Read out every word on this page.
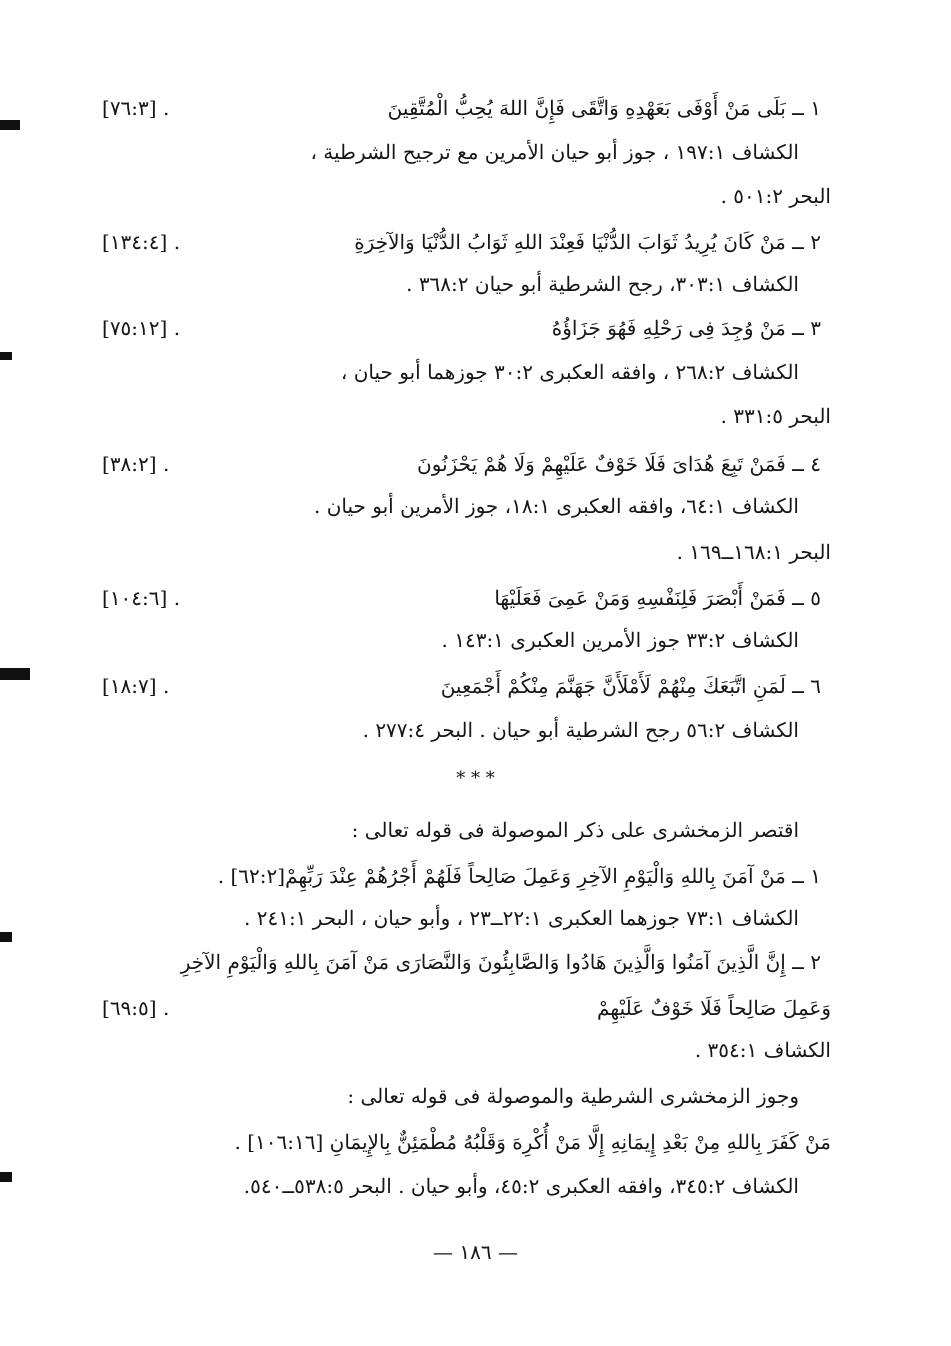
١ ــ بَلَى مَنْ أَوْفَى بَعَهْدِهِ وَاتَّقَى فَإِنَّ اللهَ يُحِبُّ الْمُتَّقِينَ
[٧٦:٣] .
الكشاف ١٩٧:١ ، جوز أبو حيان الأمرين مع ترجيح الشرطية ،
البحر ٥٠١:٢ .
٢ ــ مَنْ كَانَ يُرِيدُ ثَوَابَ الدُّنْيَا فَعِنْدَ اللهِ ثَوَابُ الدُّنْيَا وَالآخِرَةِ
[١٣٤:٤] .
الكشاف ٣٠٣:١، رجح الشرطية أبو حيان ٣٦٨:٢ .
٣ ــ مَنْ وُجِدَ فِى رَحْلِهِ فَهُوَ جَزَاؤُهُ
[٧٥:١٢] .
الكشاف ٢٦٨:٢ ، وافقه العكبرى ٣٠:٢ جوزهما أبو حيان ،
البحر ٣٣١:٥ .
٤ ــ فَمَنْ تَبِعَ هُدَاىَ فَلَا خَوْفٌ عَلَيْهِمْ وَلَا هُمْ يَحْزَنُونَ
[٣٨:٢] .
الكشاف ٦٤:١، وافقه العكبرى ١٨:١، جوز الأمرين أبو حيان .
البحر ١٦٨:١ــ١٦٩ .
٥ ــ فَمَنْ أَبْصَرَ فَلِنَفْسِهِ وَمَنْ عَمِىَ فَعَلَيْهَا
[١٠٤:٦] .
الكشاف ٣٣:٢ جوز الأمرين العكبرى ١٤٣:١ .
٦ ــ لَمَنِ اتَّبَعَكَ مِنْهُمْ لَأَمْلَأَنَّ جَهَنَّمَ مِنْكُمْ أَجْمَعِينَ
[١٨:٧] .
الكشاف ٥٦:٢ رجح الشرطية أبو حيان . البحر ٢٧٧:٤ .
* * *
اقتصر الزمخشرى على ذكر الموصولة فى قوله تعالى :
١ ــ مَنْ آمَنَ بِاللهِ وَالْيَوْمِ الآخِرِ وَعَمِلَ صَالِحاً فَلَهُمْ أَجْرُهُمْ عِنْدَ رَبِّهِمْ[٦٢:٢] .
الكشاف ٧٣:١ جوزهما العكبرى ٢٢:١ــ٢٣ ، وأبو حيان ، البحر ٢٤١:١ .
٢ ــ إِنَّ الَّذِينَ آمَنُوا وَالَّذِينَ هَادُوا وَالصَّابِئُونَ وَالنَّصَارَى مَنْ آمَنَ بِاللهِ وَالْيَوْمِ الآخِرِ
وَعَمِلَ صَالِحاً فَلَا خَوْفٌ عَلَيْهِمْ
[٦٩:٥] .
الكشاف ٣٥٤:١ .
وجوز الزمخشرى الشرطية والموصولة فى قوله تعالى :
مَنْ كَفَرَ بِاللهِ مِنْ بَعْدِ إِيمَانِهِ إِلَّا مَنْ أُكْرِهَ وَقَلْبُهُ مُطْمَئِنٌّ بِالإِيمَانِ [١٠٦:١٦] .
الكشاف ٣٤٥:٢، وافقه العكبرى ٤٥:٢، وأبو حيان . البحر ٥٣٨:٥ــ٥٤٠.
— ١٨٦ —
